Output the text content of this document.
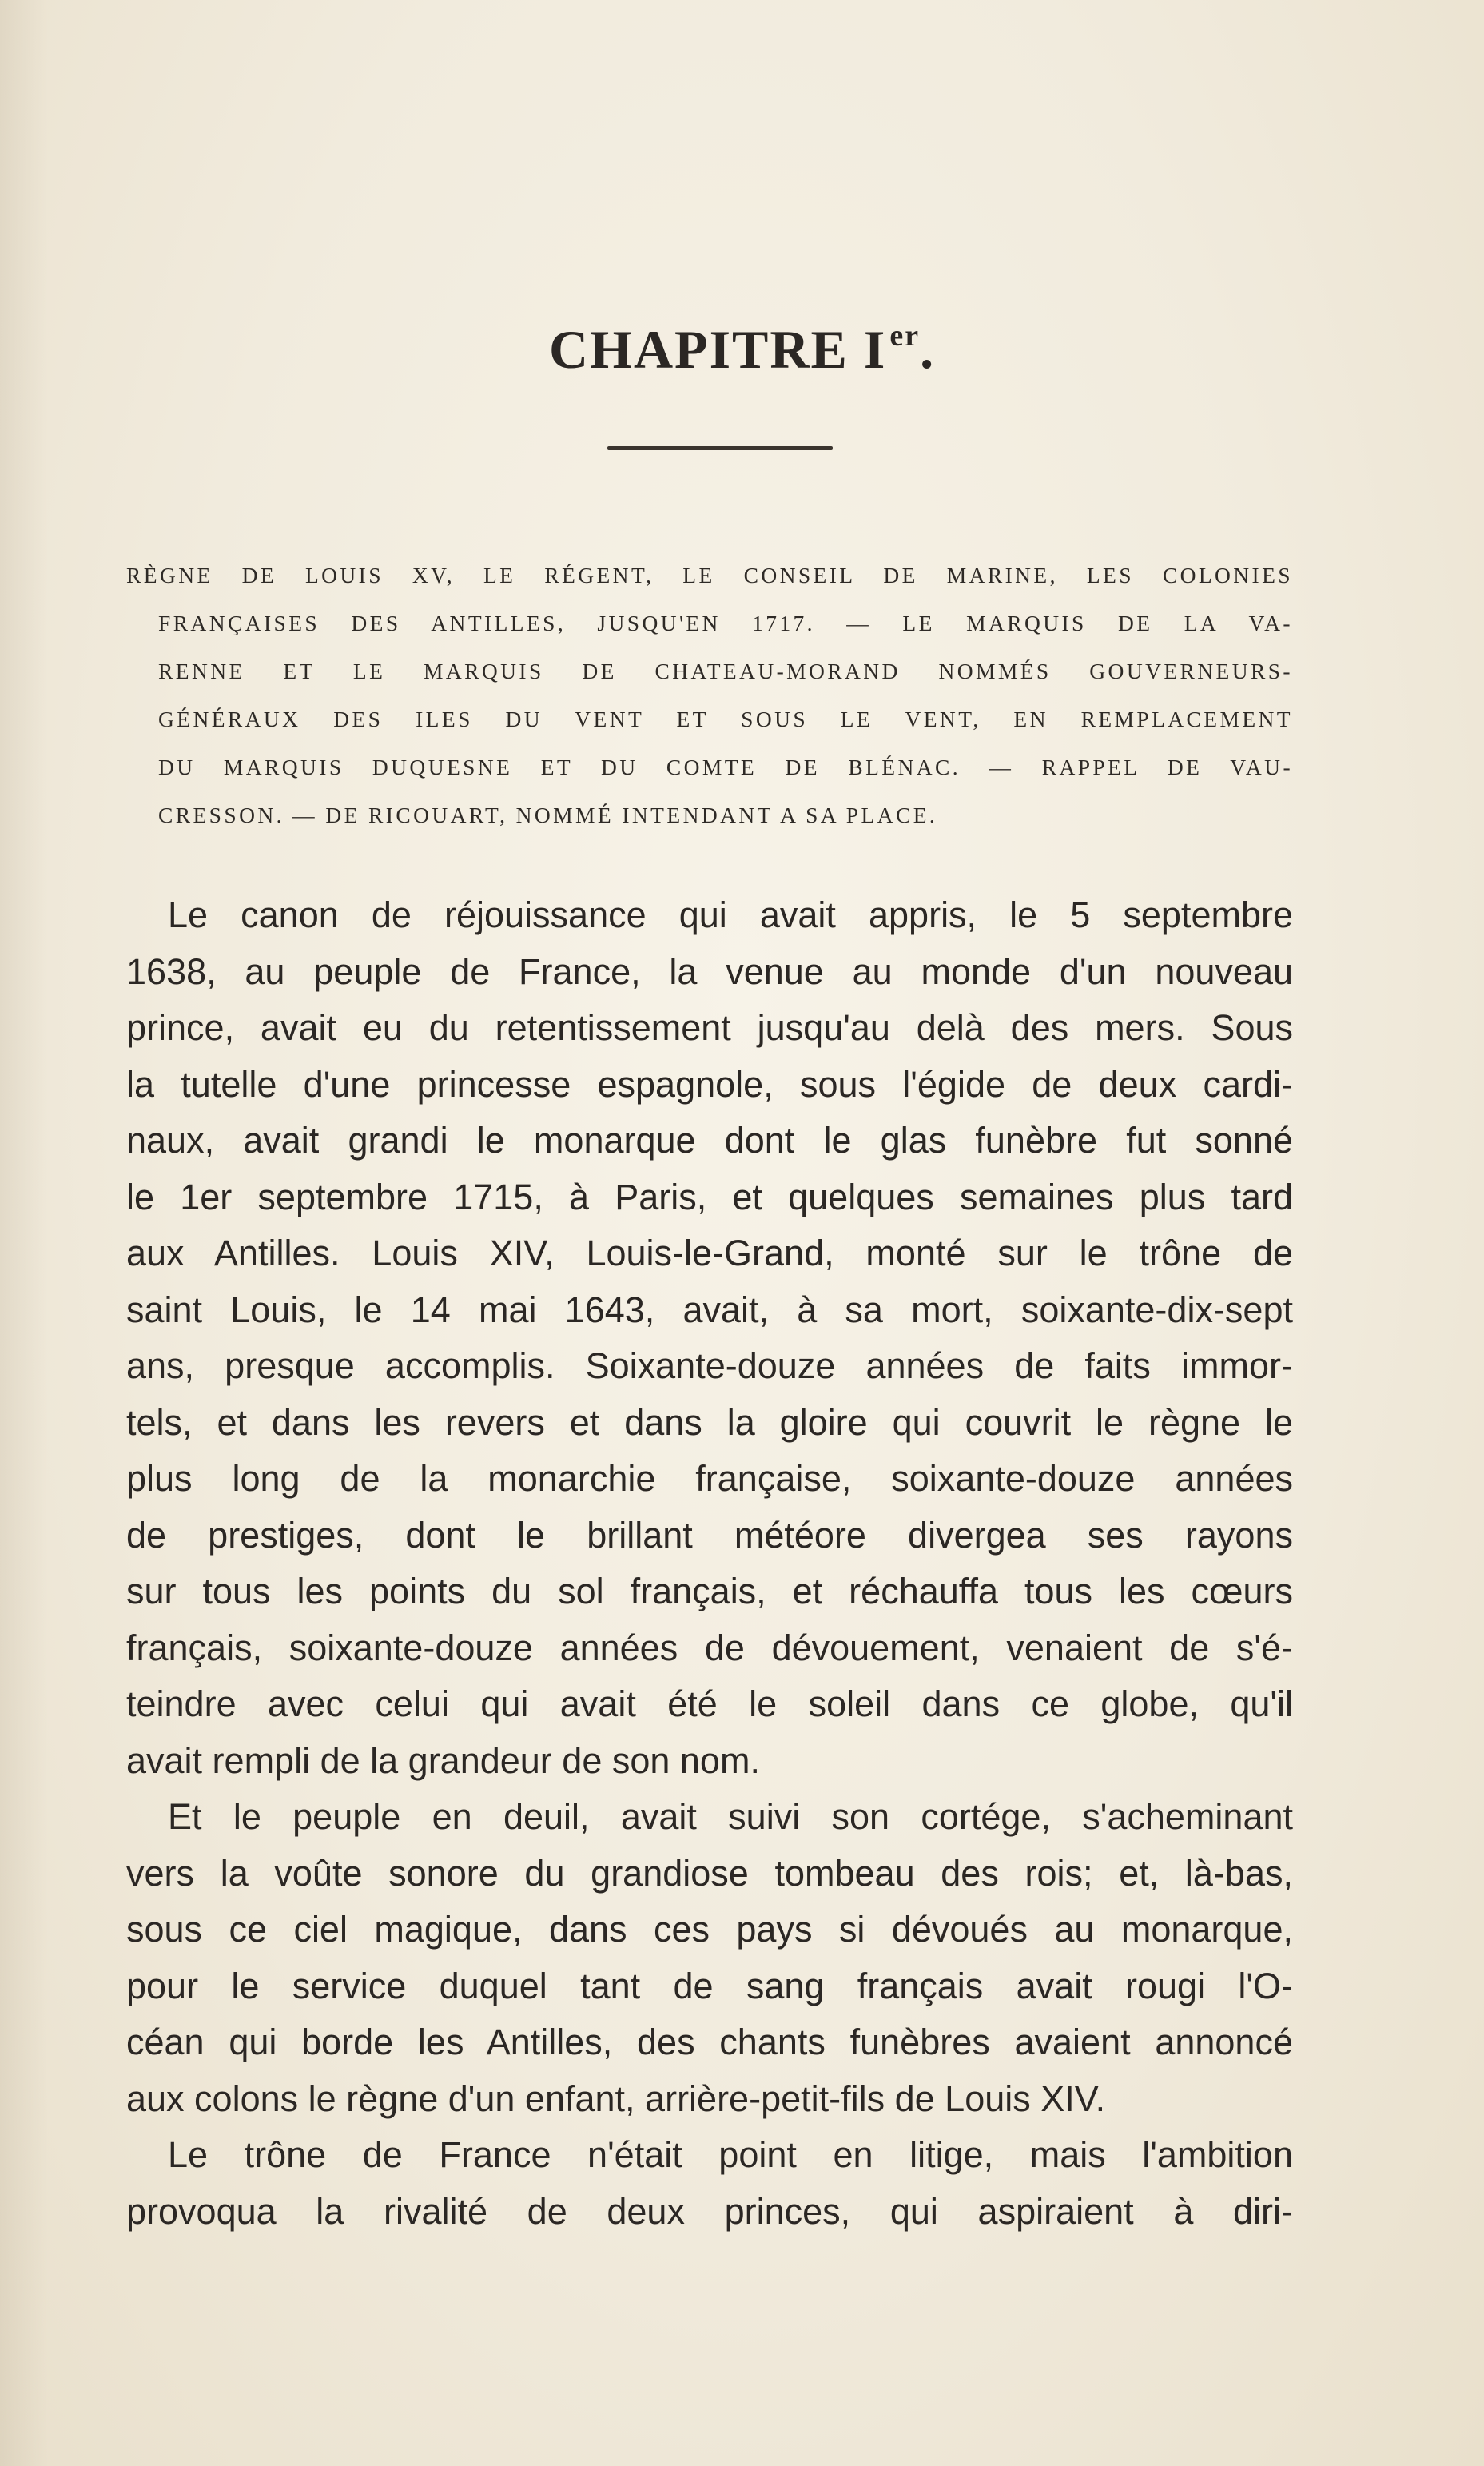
CHAPITRE I $^{er}$.
RÈGNE DE LOUIS XV, LE RÉGENT, LE CONSEIL DE MARINE, LES COLONIES
FRANÇAISES DES ANTILLES, JUSQU'EN 1717. — LE MARQUIS DE LA VA-
RENNE ET LE MARQUIS DE CHATEAU-MORAND NOMMÉS GOUVERNEURS-
GÉNÉRAUX DES ILES DU VENT ET SOUS LE VENT, EN REMPLACEMENT
DU MARQUIS DUQUESNE ET DU COMTE DE BLÉNAC. — RAPPEL DE VAU-
CRESSON. — DE RICOUART, NOMMÉ INTENDANT A SA PLACE.
Le canon de réjouissance qui avait appris, le 5 septembre
1638, au peuple de France, la venue au monde d'un nouveau
prince, avait eu du retentissement jusqu'au delà des mers. Sous
la tutelle d'une princesse espagnole, sous l'égide de deux cardi-
naux, avait grandi le monarque dont le glas funèbre fut sonné
le 1er septembre 1715, à Paris, et quelques semaines plus tard
aux Antilles. Louis XIV, Louis-le-Grand, monté sur le trône de
saint Louis, le 14 mai 1643, avait, à sa mort, soixante-dix-sept
ans, presque accomplis. Soixante-douze années de faits immor-
tels, et dans les revers et dans la gloire qui couvrit le règne le
plus long de la monarchie française, soixante-douze années
de prestiges, dont le brillant météore divergea ses rayons
sur tous les points du sol français, et réchauffa tous les cœurs
français, soixante-douze années de dévouement, venaient de s'é-
teindre avec celui qui avait été le soleil dans ce globe, qu'il
avait rempli de la grandeur de son nom.
Et le peuple en deuil, avait suivi son cortége, s'acheminant
vers la voûte sonore du grandiose tombeau des rois; et, là-bas,
sous ce ciel magique, dans ces pays si dévoués au monarque,
pour le service duquel tant de sang français avait rougi l'O-
céan qui borde les Antilles, des chants funèbres avaient annoncé
aux colons le règne d'un enfant, arrière-petit-fils de Louis XIV.
Le trône de France n'était point en litige, mais l'ambition
provoqua la rivalité de deux princes, qui aspiraient à diri-
